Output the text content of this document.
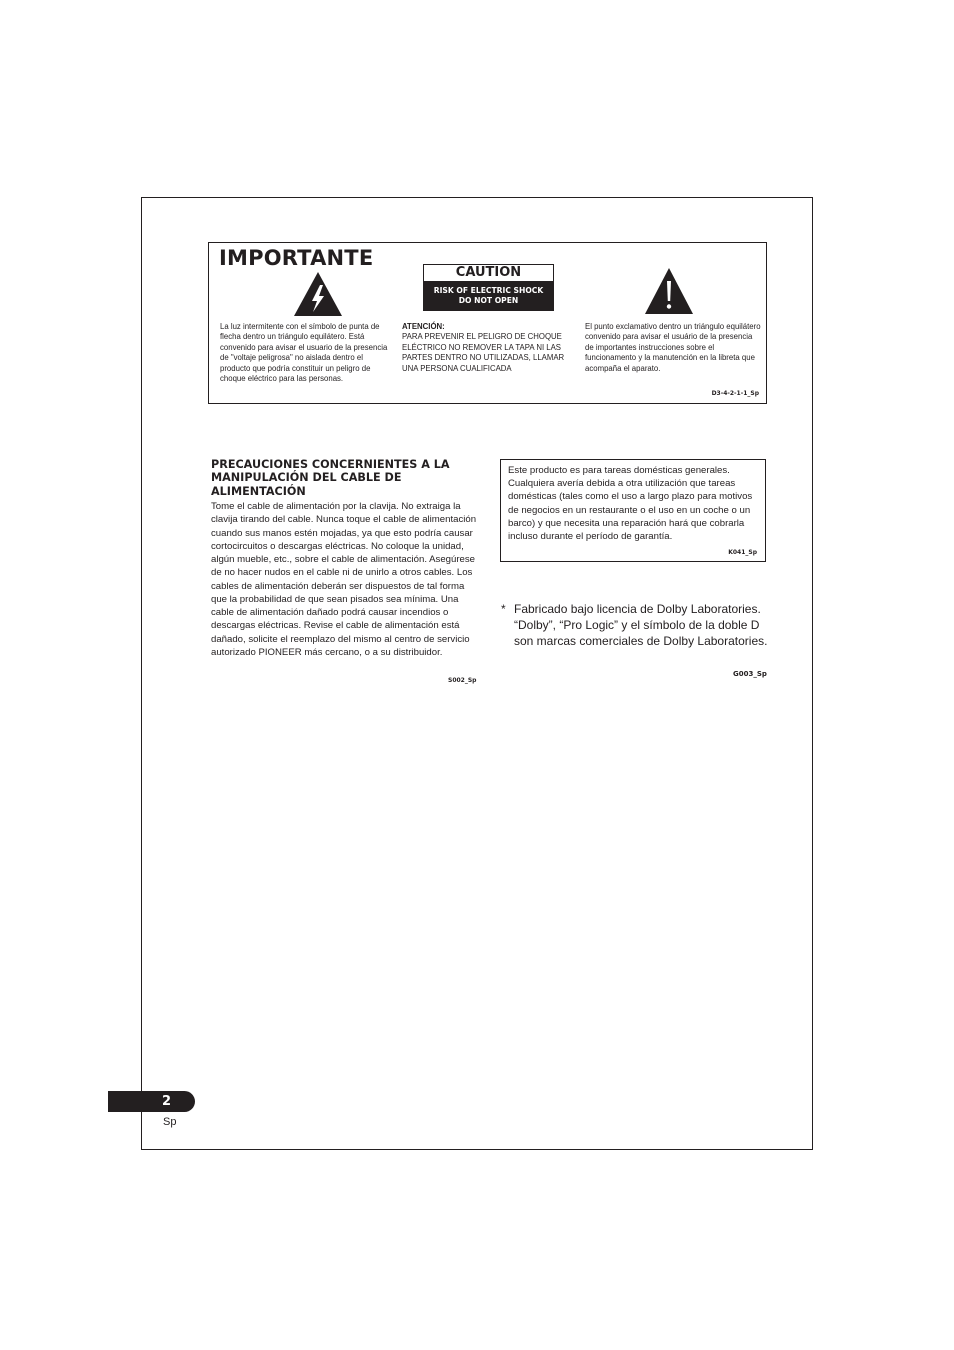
IMPORTANTE
CAUTION
RISK OF ELECTRIC SHOCK
DO NOT OPEN
La luz intermitente con el símbolo de punta de flecha dentro un triángulo equilátero. Está convenido para avisar el usuario de la presencia de "voltaje peligrosa" no aislada dentro el producto que podría constituir un peligro de choque eléctrico para las personas.
ATENCIÓN:
PARA PREVENIR EL PELIGRO DE CHOQUE ELÉCTRICO NO REMOVER LA TAPA NI LAS PARTES DENTRO NO UTILIZADAS, LLAMAR UNA PERSONA CUALIFICADA
El punto exclamativo dentro un triángulo equilátero convenido para avisar el usuário de la presencia de importantes instrucciones sobre el funcionamento y la manutención en la libreta que acompaña el aparato.
D3-4-2-1-1_Sp
PRECAUCIONES CONCERNIENTES A LA MANIPULACIÓN DEL CABLE DE ALIMENTACIÓN
Tome el cable de alimentación por la clavija. No extraiga la clavija tirando del cable. Nunca toque el cable de alimentación cuando sus manos estén mojadas, ya que esto podría causar cortocircuitos o descargas eléctricas. No coloque la unidad, algún mueble, etc., sobre el cable de alimentación. Asegúrese de no hacer nudos en el cable ni de unirlo a otros cables. Los cables de alimentación deberán ser dispuestos de tal forma que la probabilidad de que sean pisados sea mínima. Una cable de alimentación dañado podrá causar incendios o descargas eléctricas. Revise el cable de alimentación está dañado, solicite el reemplazo del mismo al centro de servicio autorizado PIONEER más cercano, o a su distribuidor.
S002_Sp
Este producto es para tareas domésticas generales. Cualquiera avería debida a otra utilización que tareas domésticas (tales como el uso a largo plazo para motivos de negocios en un restaurante o el uso en un coche o un barco) y que necesita una reparación hará que cobrarla incluso durante el período de garantía.
K041_Sp
* Fabricado bajo licencia de Dolby Laboratories.
“Dolby”, “Pro Logic” y el símbolo de la doble D son marcas comerciales de Dolby Laboratories.
G003_Sp
2
Sp
